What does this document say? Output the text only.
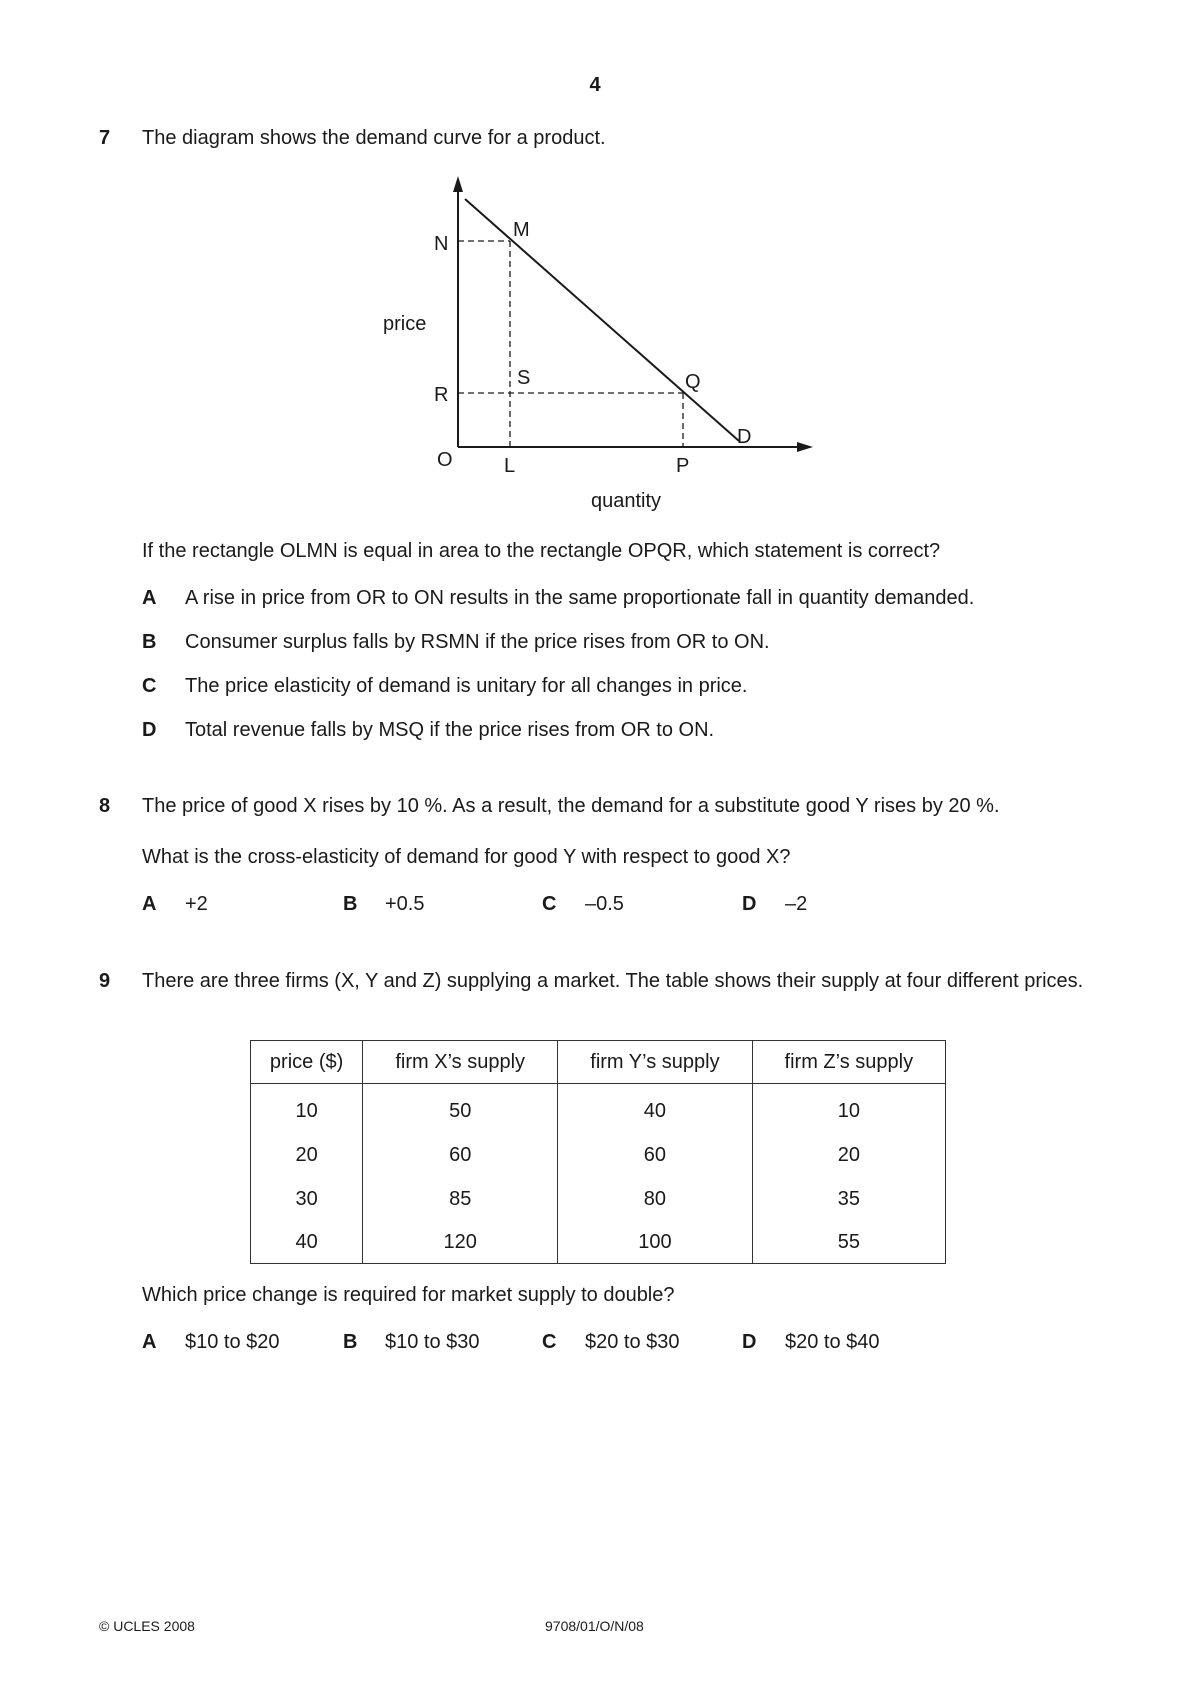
4
7 The diagram shows the demand curve for a product.
N
M
price
R
S	Q
D
O	L	P
quantity
If the rectangle OLMN is equal in area to the rectangle OPQR, which statement is correct?
A A rise in price from OR to ON results in the same proportionate fall in quantity demanded.
B Consumer surplus falls by RSMN if the price rises from OR to ON.
C The price elasticity of demand is unitary for all changes in price.
D Total revenue falls by MSQ if the price rises from OR to ON.
8 The price of good X rises by 10 %. As a result, the demand for a substitute good Y rises by 20 %.
What is the cross-elasticity of demand for good Y with respect to good X?
A +2	B +0.5	C –0.5	D –2
9 There are three firms (X, Y and Z) supplying a market. The table shows their supply at four different prices.
price ($)	firm X’s supply	firm Y’s supply	firm Z’s supply
10	50	40	10
20	60	60	20
30	85	80	35
40	120	100	55
Which price change is required for market supply to double?
A $10 to $20	B $10 to $30	C $20 to $30	D $20 to $40
© UCLES 2008	9708/01/O/N/08
